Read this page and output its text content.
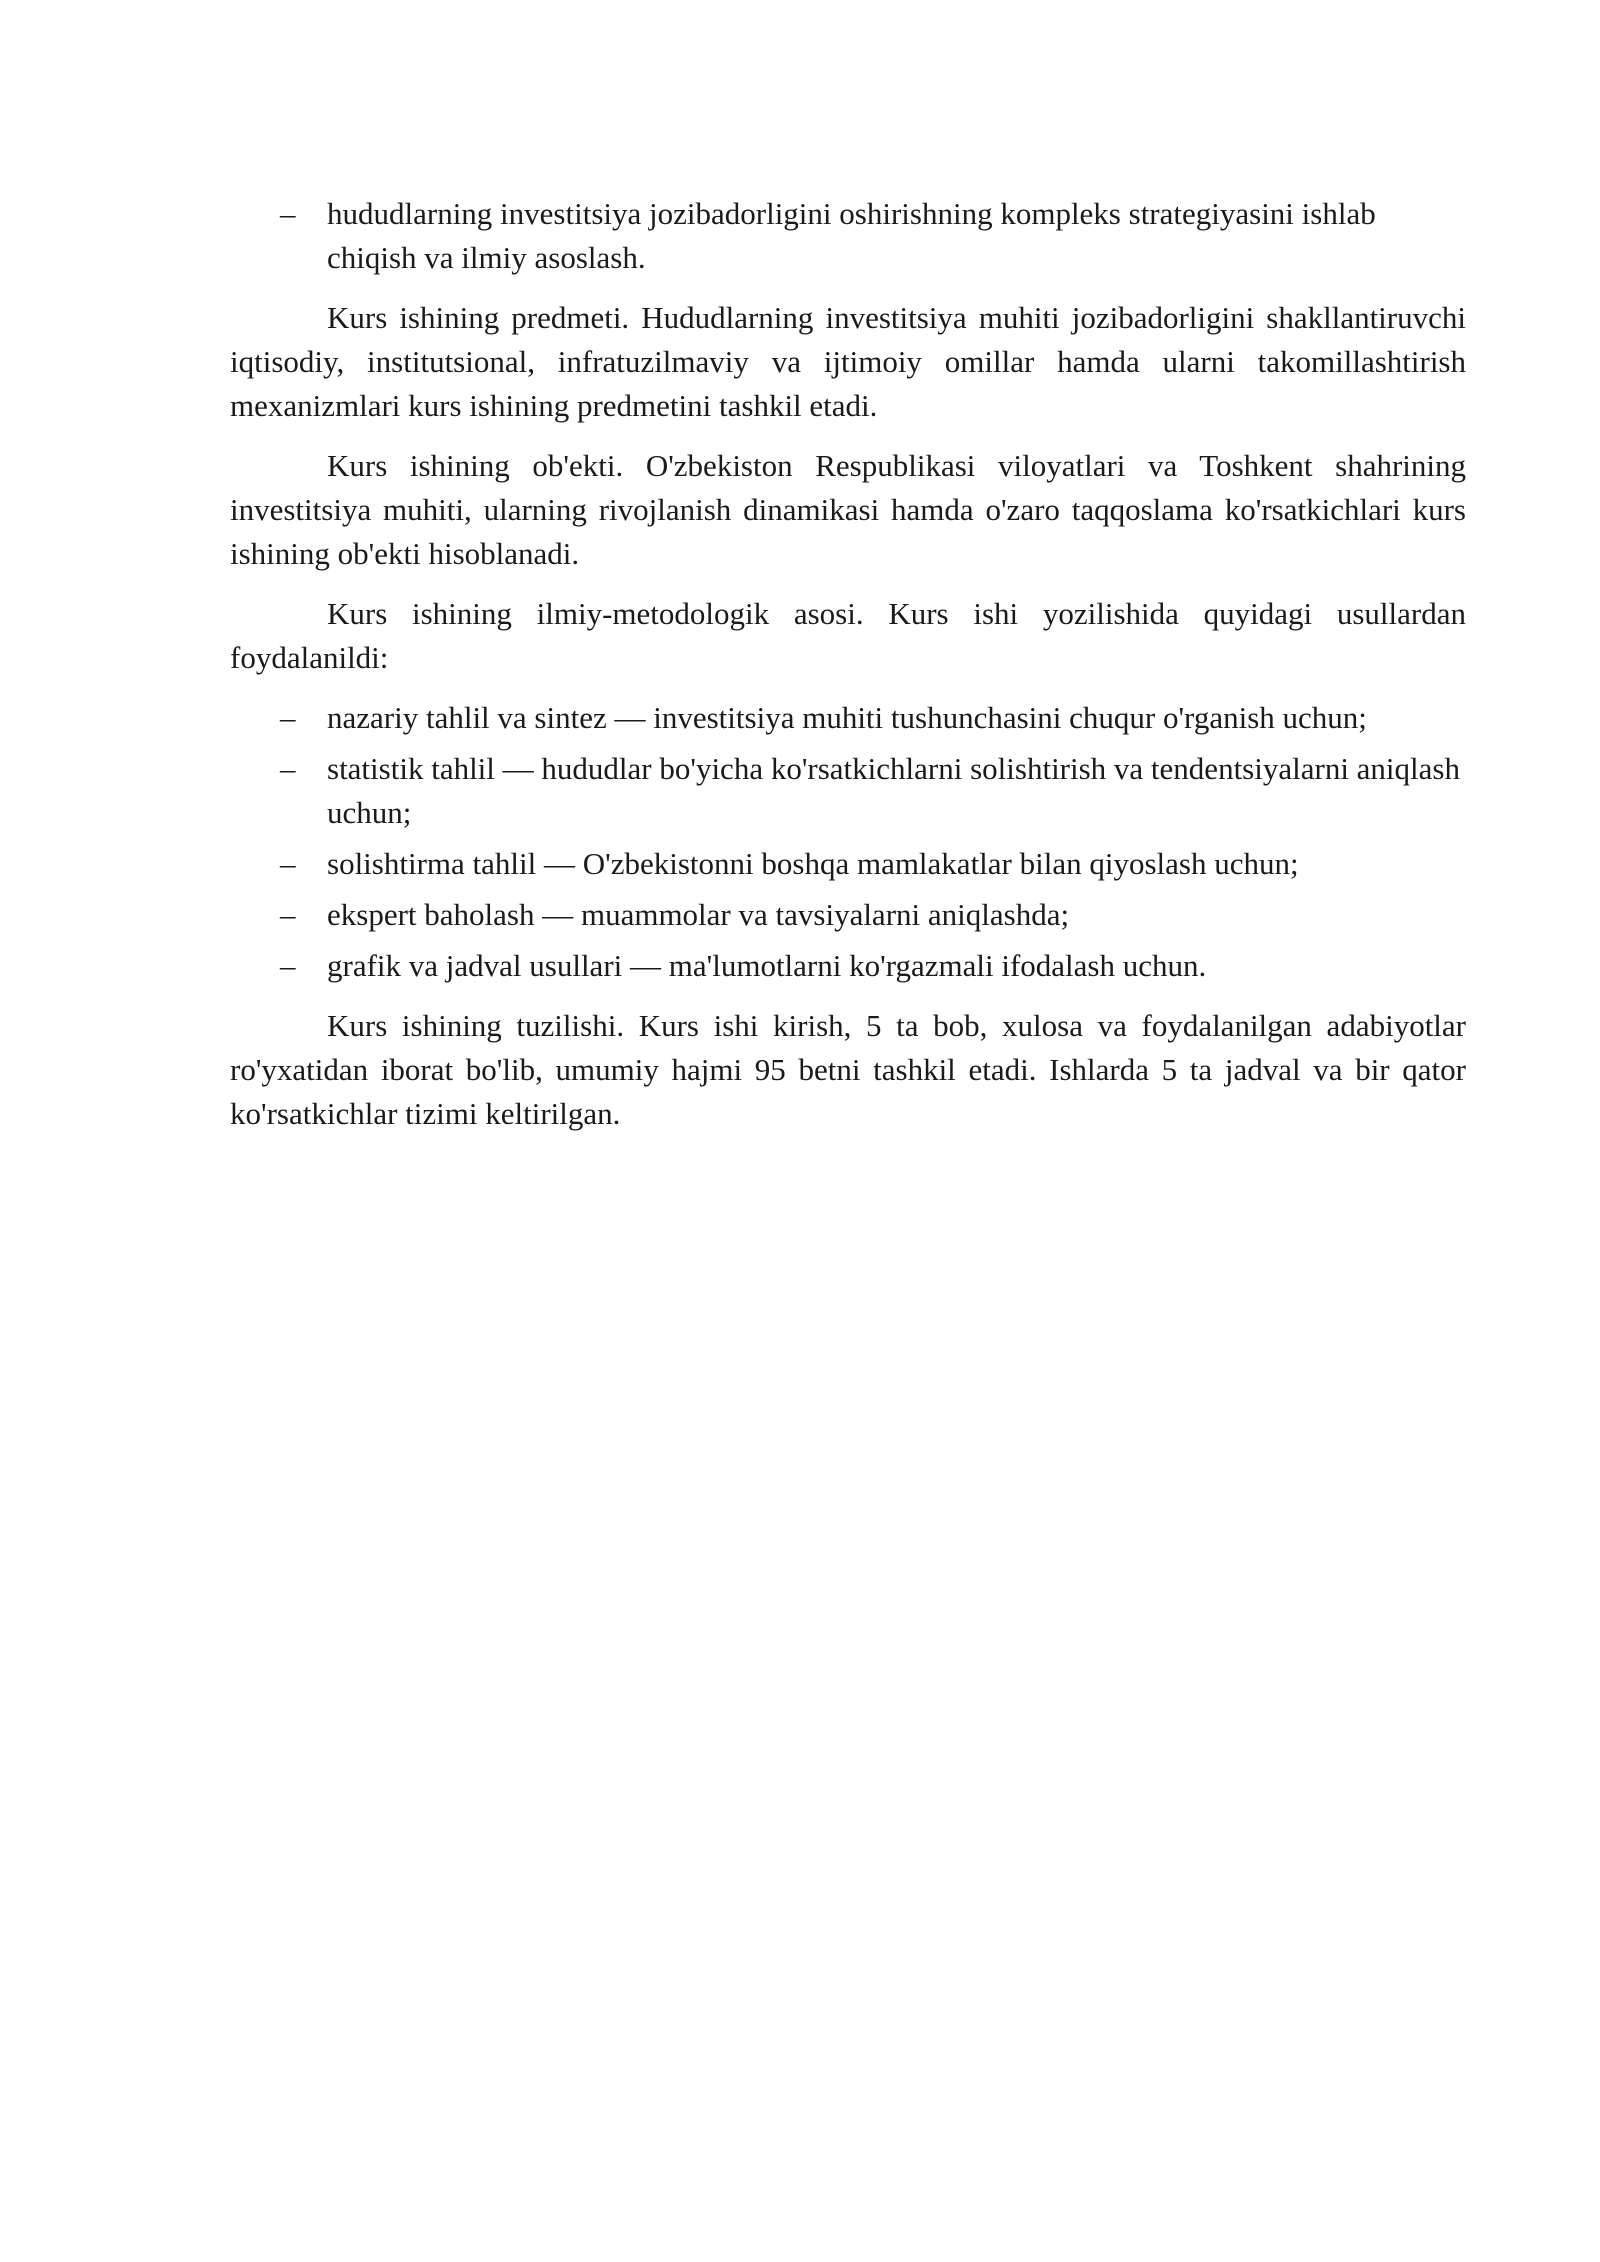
– hududlarning investitsiya jozibadorligini oshirishning kompleks strategiyasini ishlab chiqish va ilmiy asoslash.

Kurs ishining predmeti. Hududlarning investitsiya muhiti jozibadorligini shakllantiruvchi iqtisodiy, institutsional, infratuzilmaviy va ijtimoiy omillar hamda ularni takomillashtirish mexanizmlari kurs ishining predmetini tashkil etadi.

Kurs ishining ob'ekti. O'zbekiston Respublikasi viloyatlari va Toshkent shahrining investitsiya muhiti, ularning rivojlanish dinamikasi hamda o'zaro taqqoslama ko'rsatkichlari kurs ishining ob'ekti hisoblanadi.

Kurs ishining ilmiy-metodologik asosi. Kurs ishi yozilishida quyidagi usullardan foydalanildi:

– nazariy tahlil va sintez — investitsiya muhiti tushunchasini chuqur o'rganish uchun;
– statistik tahlil — hududlar bo'yicha ko'rsatkichlarni solishtirish va tendentsiyalarni aniqlash uchun;
– solishtirma tahlil — O'zbekistonni boshqa mamlakatlar bilan qiyoslash uchun;
– ekspert baholash — muammolar va tavsiyalarni aniqlashda;
– grafik va jadval usullari — ma'lumotlarni ko'rgazmali ifodalash uchun.

Kurs ishining tuzilishi. Kurs ishi kirish, 5 ta bob, xulosa va foydalanilgan adabiyotlar ro'yxatidan iborat bo'lib, umumiy hajmi 95 betni tashkil etadi. Ishlarda 5 ta jadval va bir qator ko'rsatkichlar tizimi keltirilgan.
